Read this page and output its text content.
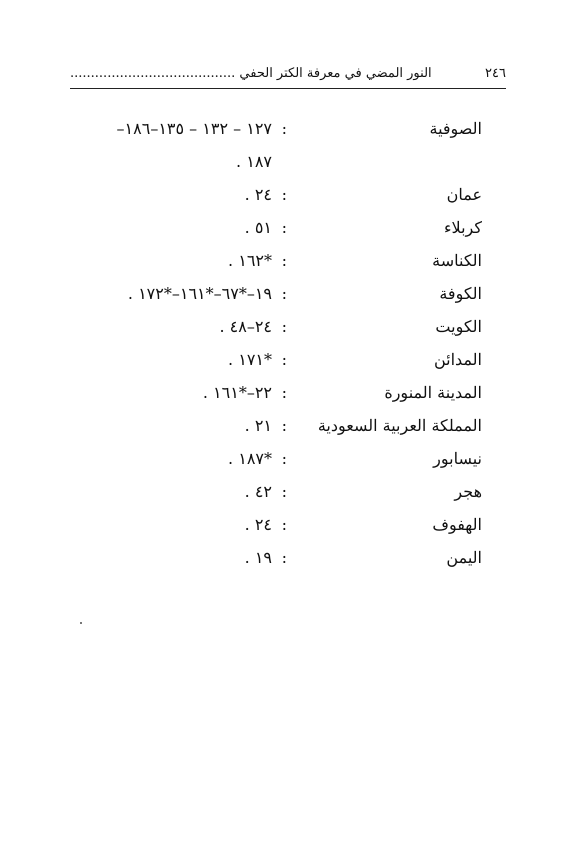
٢٤٦
النور المضي في معرفة الكتر الحفي ........................................
الصوفية
:
١٢٧ – ١٣٢ – ١٣٥–١٨٦–
١٨٧ .
عمان
:
٢٤ .
كربلاء
:
٥١ .
الكناسة
:
*١٦٢ .
الكوفة
:
١٩–*٦٧–*١٦١–*١٧٢ .
الكويت
:
٢٤–٤٨ .
المدائن
:
*١٧١ .
المدينة المنورة
:
٢٢–*١٦١ .
المملكة العربية السعودية
:
٢١ .
نيسابور
:
*١٨٧ .
هجر
:
٤٢ .
الهفوف
:
٢٤ .
اليمن
:
١٩ .
